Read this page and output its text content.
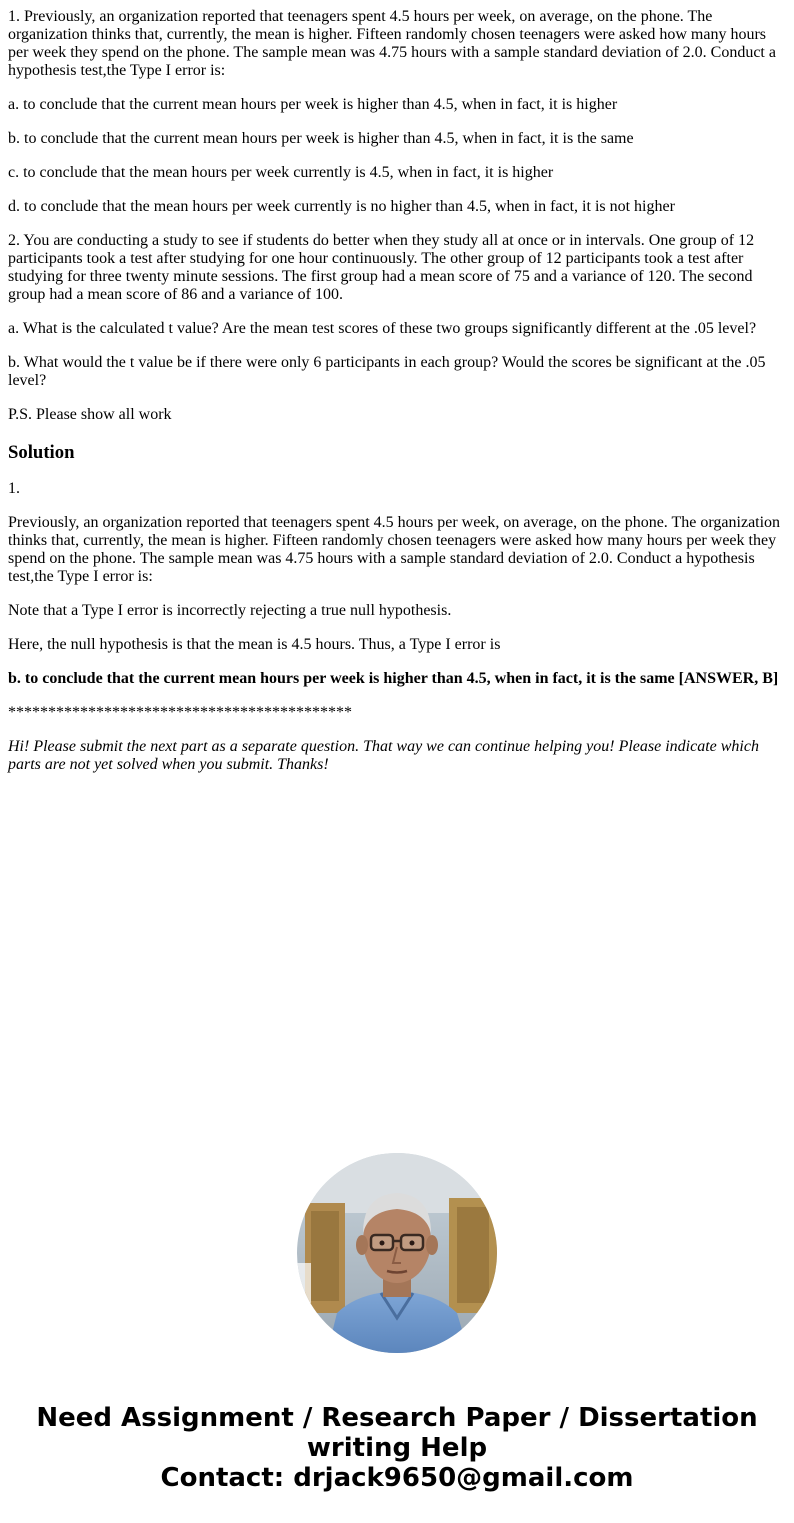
1. Previously, an organization reported that teenagers spent 4.5 hours per week, on average, on the phone. The organization thinks that, currently, the mean is higher. Fifteen randomly chosen teenagers were asked how many hours per week they spend on the phone. The sample mean was 4.75 hours with a sample standard deviation of 2.0. Conduct a hypothesis test,the Type I error is:

a. to conclude that the current mean hours per week is higher than 4.5, when in fact, it is higher

b. to conclude that the current mean hours per week is higher than 4.5, when in fact, it is the same

c. to conclude that the mean hours per week currently is 4.5, when in fact, it is higher

d. to conclude that the mean hours per week currently is no higher than 4.5, when in fact, it is not higher

2. You are conducting a study to see if students do better when they study all at once or in intervals. One group of 12 participants took a test after studying for one hour continuously. The other group of 12 participants took a test after studying for three twenty minute sessions. The first group had a mean score of 75 and a variance of 120. The second group had a mean score of 86 and a variance of 100.

a. What is the calculated t value? Are the mean test scores of these two groups significantly different at the .05 level?

b. What would the t value be if there were only 6 participants in each group? Would the scores be significant at the .05 level?

P.S. Please show all work

Solution

1.

Previously, an organization reported that teenagers spent 4.5 hours per week, on average, on the phone. The organization thinks that, currently, the mean is higher. Fifteen randomly chosen teenagers were asked how many hours per week they spend on the phone. The sample mean was 4.75 hours with a sample standard deviation of 2.0. Conduct a hypothesis test,the Type I error is:

Note that a Type I error is incorrectly rejecting a true null hypothesis.

Here, the null hypothesis is that the mean is 4.5 hours. Thus, a Type I error is

b. to conclude that the current mean hours per week is higher than 4.5, when in fact, it is the same [ANSWER, B]

*******************************************

Hi! Please submit the next part as a separate question. That way we can continue helping you! Please indicate which parts are not yet solved when you submit. Thanks!

Need Assignment / Research Paper / Dissertation
writing Help
Contact: drjack9650@gmail.com
